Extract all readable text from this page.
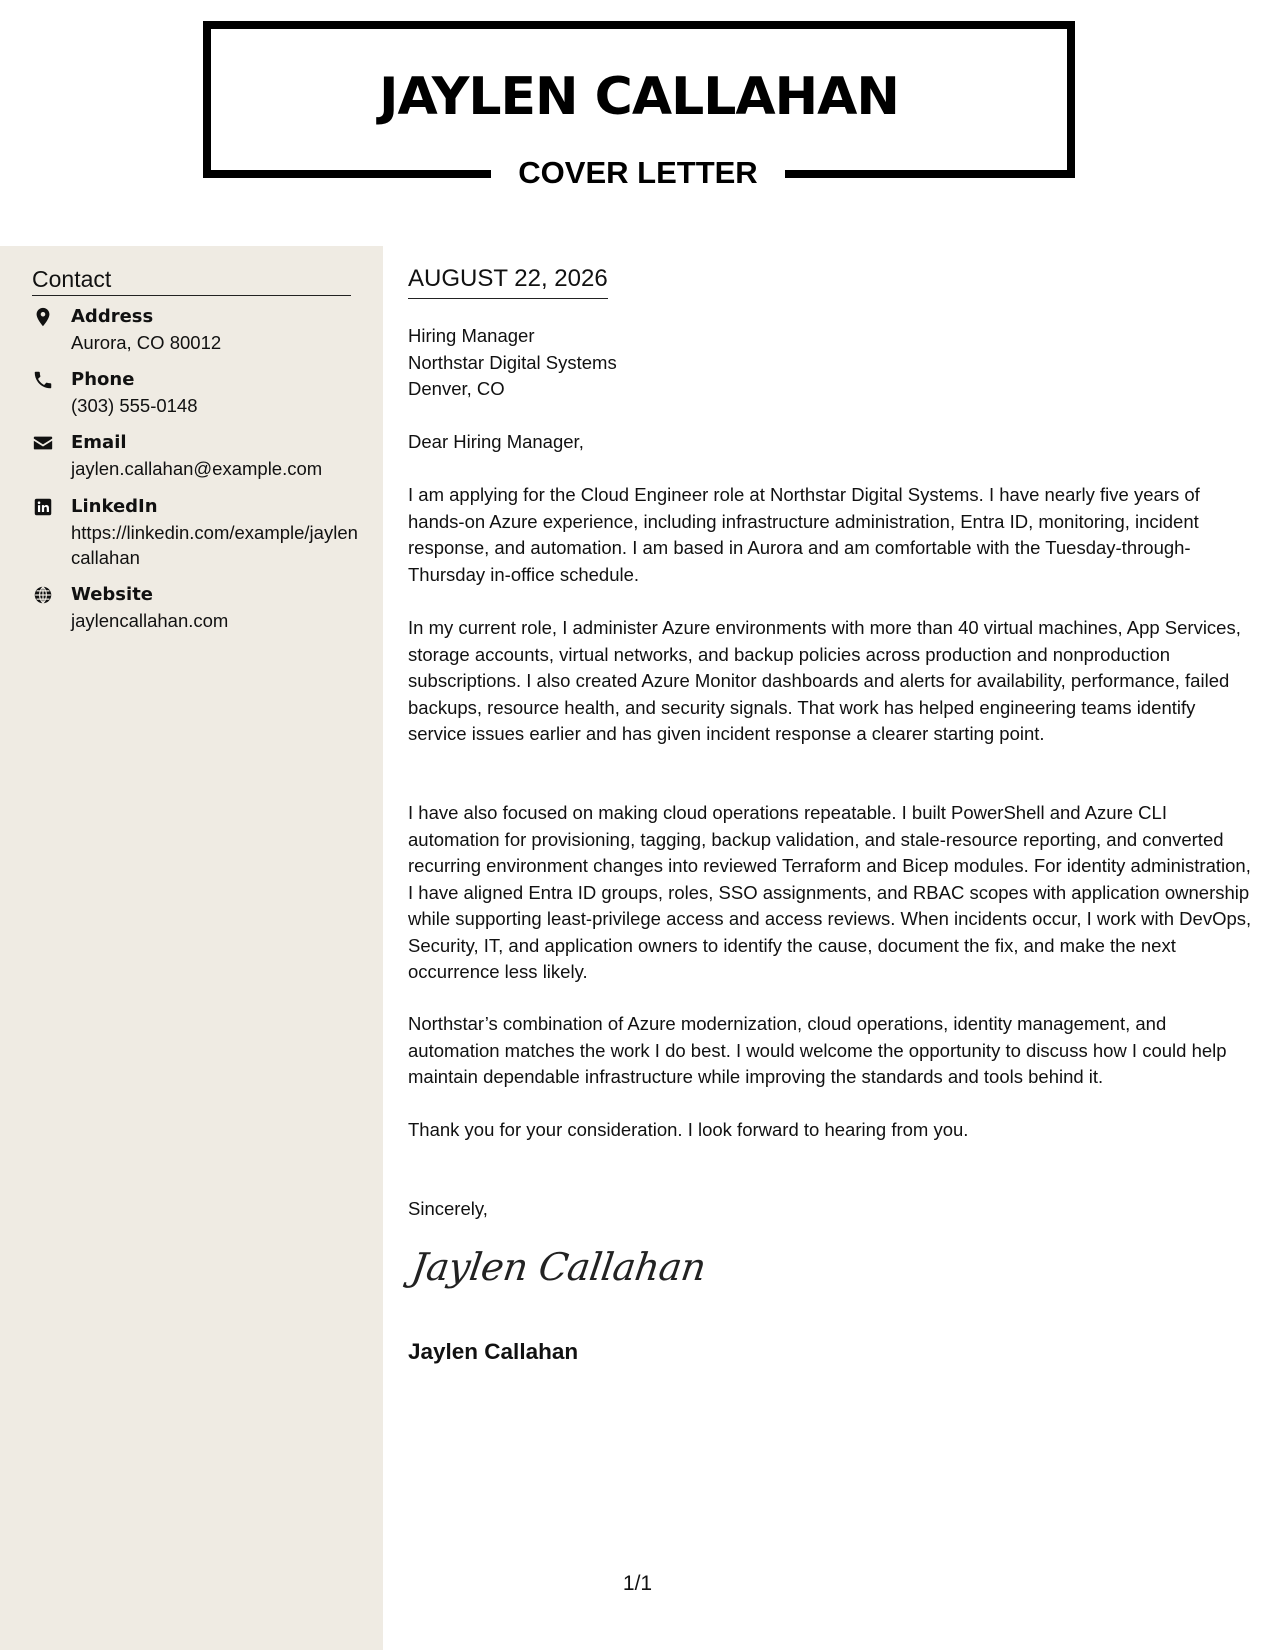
JAYLEN CALLAHAN
COVER LETTER
Contact
Address
Aurora, CO 80012
Phone
(303) 555-0148
Email
jaylen.callahan@example.com
LinkedIn
https://linkedin.com/example/jaylencallahan
Website
jaylencallahan.com
AUGUST 22, 2026
Hiring Manager
Northstar Digital Systems
Denver, CO
Dear Hiring Manager,

I am applying for the Cloud Engineer role at Northstar Digital Systems. I have nearly five years of hands-on Azure experience, including infrastructure administration, Entra ID, monitoring, incident response, and automation. I am based in Aurora and am comfortable with the Tuesday-through-Thursday in-office schedule.

In my current role, I administer Azure environments with more than 40 virtual machines, App Services, storage accounts, virtual networks, and backup policies across production and nonproduction subscriptions. I also created Azure Monitor dashboards and alerts for availability, performance, failed backups, resource health, and security signals. That work has helped engineering teams identify service issues earlier and has given incident response a clearer starting point.

I have also focused on making cloud operations repeatable. I built PowerShell and Azure CLI automation for provisioning, tagging, backup validation, and stale-resource reporting, and converted recurring environment changes into reviewed Terraform and Bicep modules. For identity administration, I have aligned Entra ID groups, roles, SSO assignments, and RBAC scopes with application ownership while supporting least-privilege access and access reviews. When incidents occur, I work with DevOps, Security, IT, and application owners to identify the cause, document the fix, and make the next occurrence less likely.

Northstar’s combination of Azure modernization, cloud operations, identity management, and automation matches the work I do best. I would welcome the opportunity to discuss how I could help maintain dependable infrastructure while improving the standards and tools behind it.

Thank you for your consideration. I look forward to hearing from you.

Sincerely,
Jaylen Callahan
Jaylen Callahan
1/1
